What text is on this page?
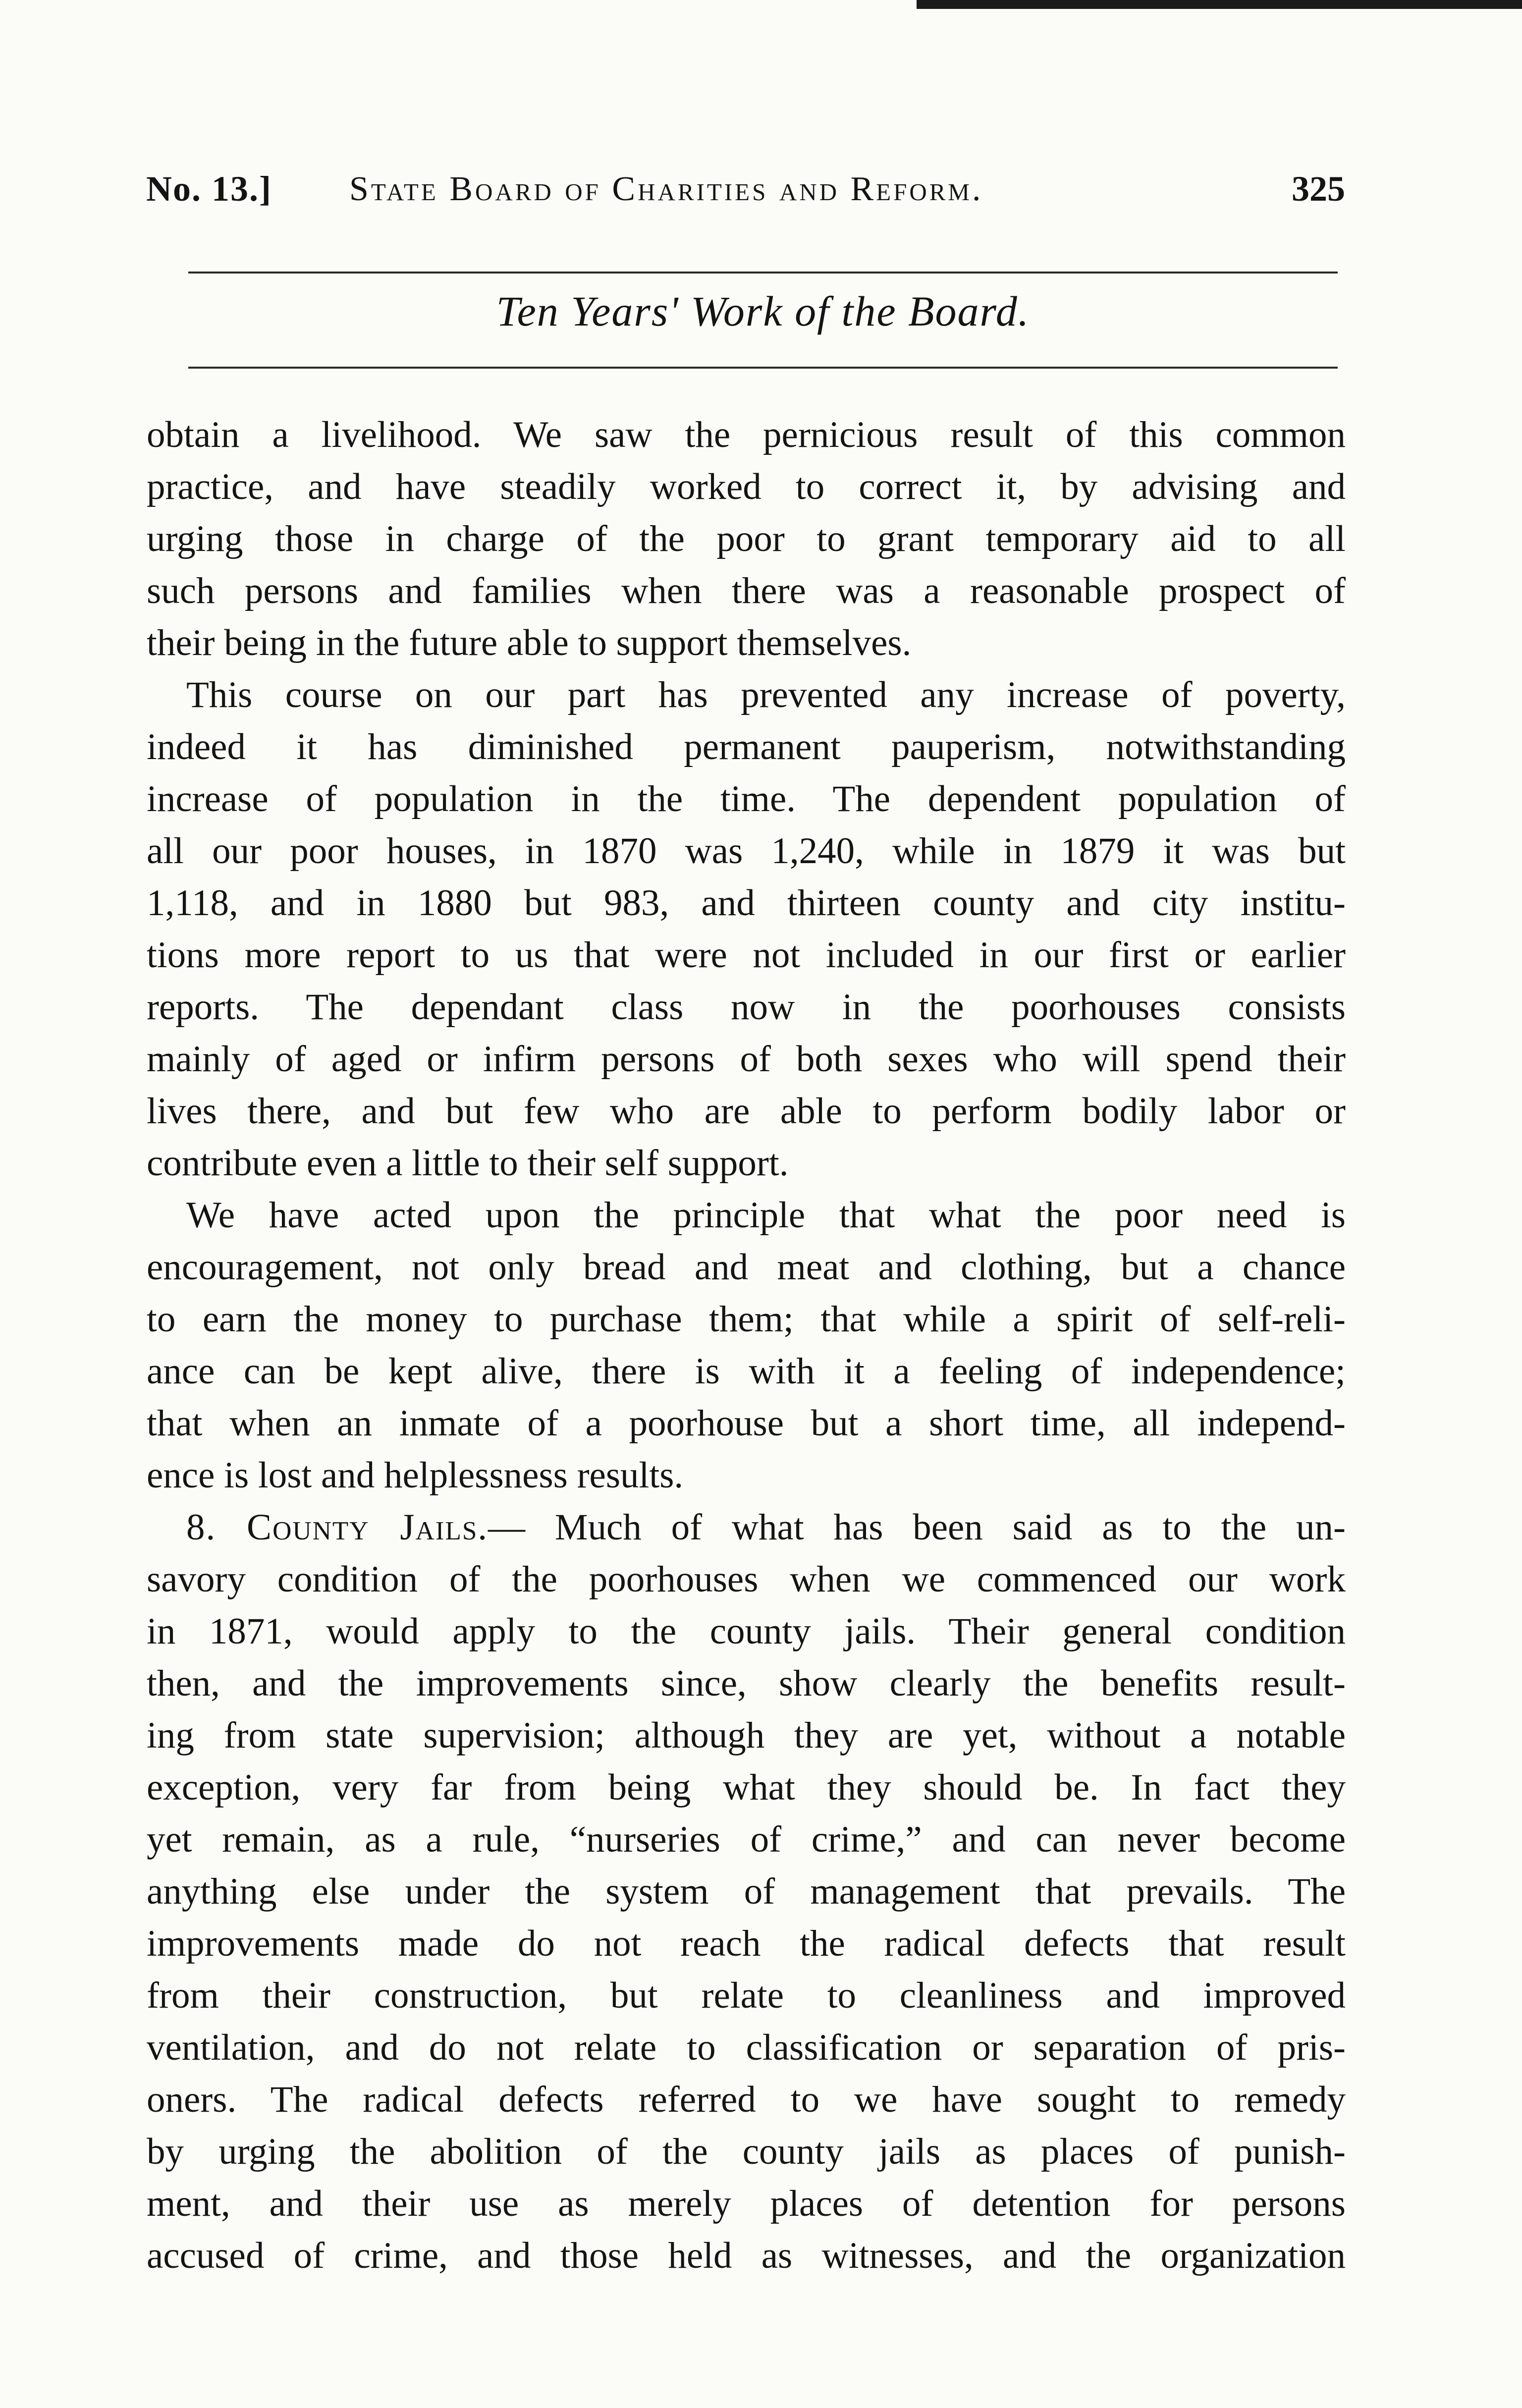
No. 13.] State Board of Charities and Reform.	325
Ten Years' Work of the Board.
obtain a livelihood. We saw the pernicious result of this common
practice, and have steadily worked to correct it, by advising and
urging those in charge of the poor to grant temporary aid to all
such persons and families when there was a reasonable prospect of
their being in the future able to support themselves.
This course on our part has prevented any increase of poverty,
indeed it has diminished permanent pauperism, notwithstanding
increase of population in the time. The dependent population of
all our poor houses, in 1870 was 1,240, while in 1879 it was but
1,118, and in 1880 but 983, and thirteen county and city institu-
tions more report to us that were not included in our first or earlier
reports. The dependant class now in the poorhouses consists
mainly of aged or infirm persons of both sexes who will spend their
lives there, and but few who are able to perform bodily labor or
contribute even a little to their self support.
We have acted upon the principle that what the poor need is
encouragement, not only bread and meat and clothing, but a chance
to earn the money to purchase them; that while a spirit of self-reli-
ance can be kept alive, there is with it a feeling of independence;
that when an inmate of a poorhouse but a short time, all independ-
ence is lost and helplessness results.
8. County Jails.— Much of what has been said as to the un-
savory condition of the poorhouses when we commenced our work
in 1871, would apply to the county jails. Their general condition
then, and the improvements since, show clearly the benefits result-
ing from state supervision; although they are yet, without a notable
exception, very far from being what they should be. In fact they
yet remain, as a rule, “nurseries of crime,” and can never become
anything else under the system of management that prevails. The
improvements made do not reach the radical defects that result
from their construction, but relate to cleanliness and improved
ventilation, and do not relate to classification or separation of pris-
oners. The radical defects referred to we have sought to remedy
by urging the abolition of the county jails as places of punish-
ment, and their use as merely places of detention for persons
accused of crime, and those held as witnesses, and the organization
